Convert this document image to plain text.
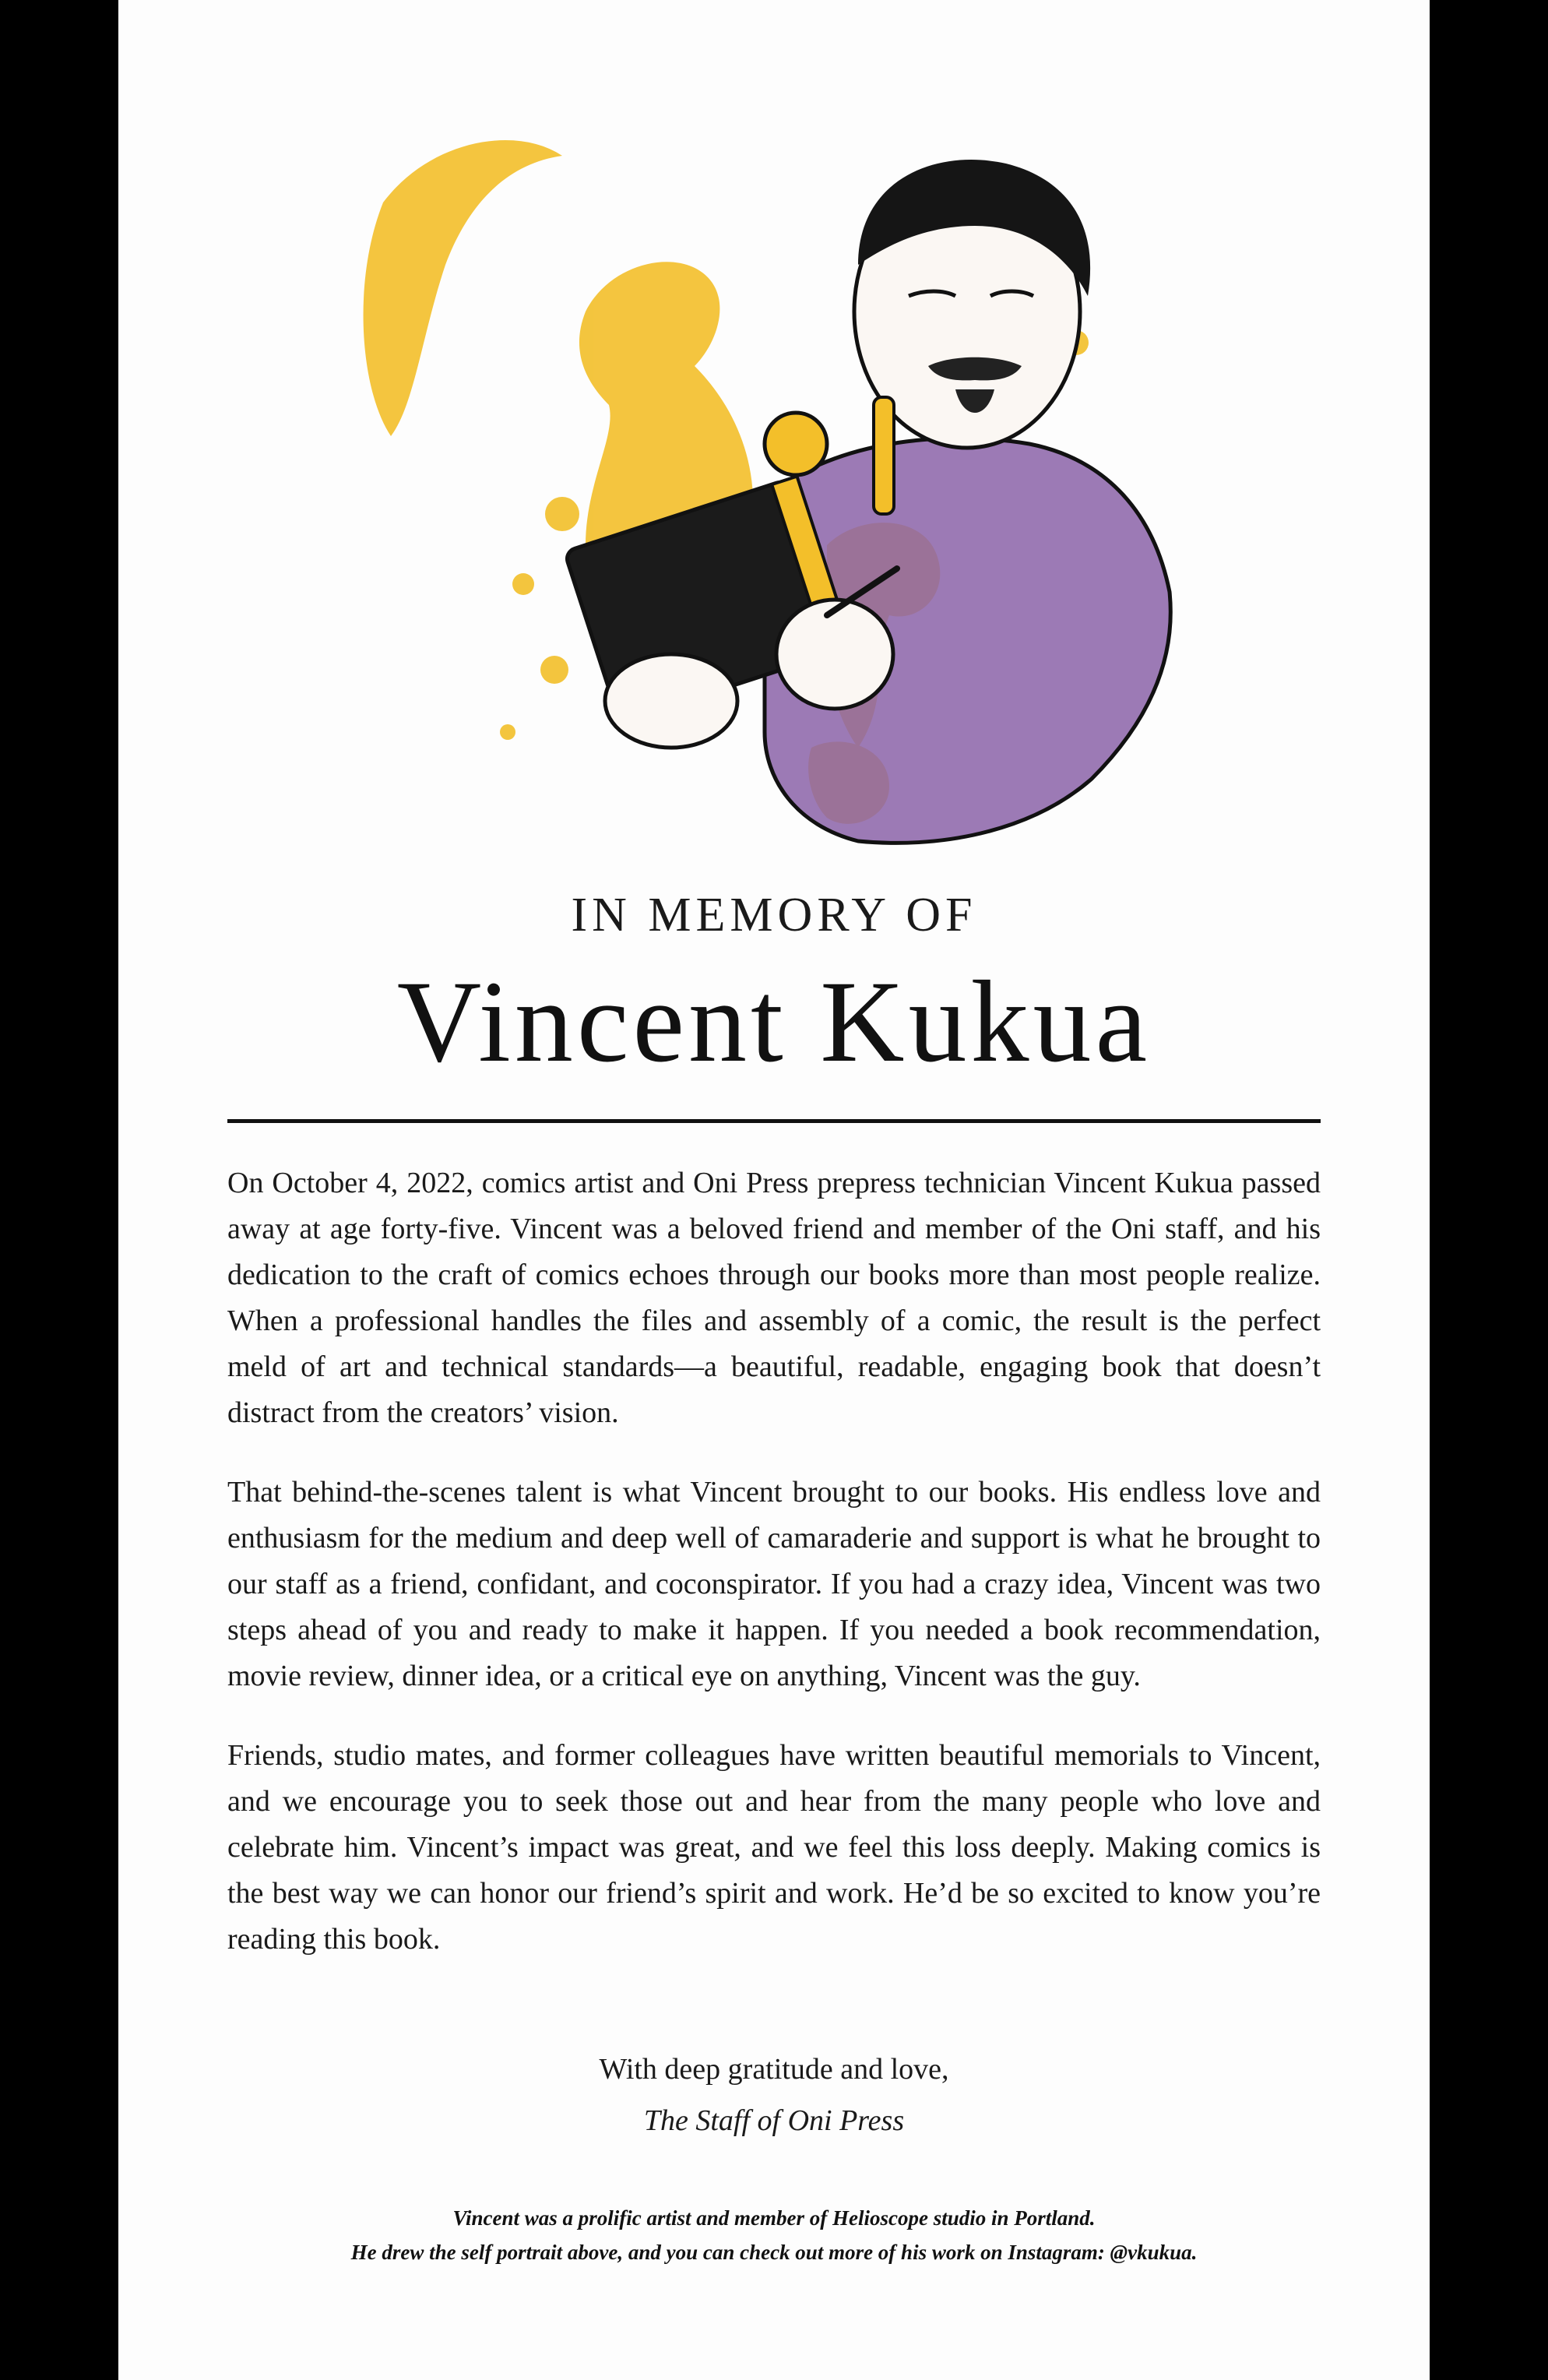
IN MEMORY OF
Vincent Kukua

On October 4, 2022, comics artist and Oni Press prepress technician Vincent Kukua passed away at age forty-five. Vincent was a beloved friend and member of the Oni staff, and his dedication to the craft of comics echoes through our books more than most people realize. When a professional handles the files and assembly of a comic, the result is the perfect meld of art and technical standards—a beautiful, readable, engaging book that doesn’t distract from the creators’ vision.

That behind-the-scenes talent is what Vincent brought to our books. His endless love and enthusiasm for the medium and deep well of camaraderie and support is what he brought to our staff as a friend, confidant, and coconspirator. If you had a crazy idea, Vincent was two steps ahead of you and ready to make it happen. If you needed a book recommendation, movie review, dinner idea, or a critical eye on anything, Vincent was the guy.

Friends, studio mates, and former colleagues have written beautiful memorials to Vincent, and we encourage you to seek those out and hear from the many people who love and celebrate him. Vincent’s impact was great, and we feel this loss deeply. Making comics is the best way we can honor our friend’s spirit and work. He’d be so excited to know you’re reading this book.

With deep gratitude and love,
The Staff of Oni Press
Vincent was a prolific artist and member of Helioscope studio in Portland.
He drew the self portrait above, and you can check out more of his work on Instagram: @vkukua.
